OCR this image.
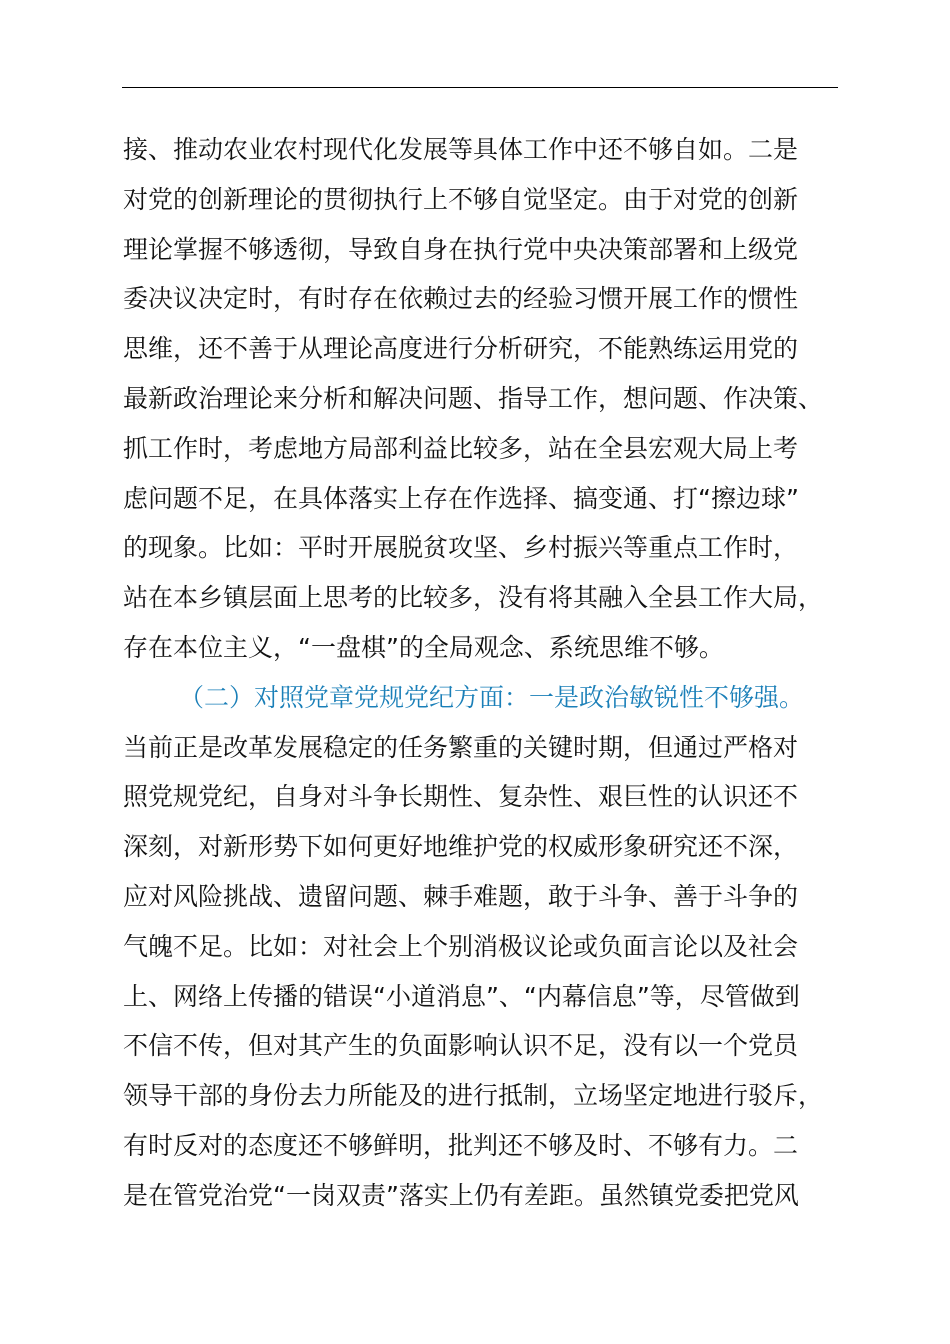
接、推动农业农村现代化发展等具体工作中还不够自如。二是
对党的创新理论的贯彻执行上不够自觉坚定。由于对党的创新
理论掌握不够透彻，导致自身在执行党中央决策部署和上级党
委决议决定时，有时存在依赖过去的经验习惯开展工作的惯性
思维，还不善于从理论高度进行分析研究，不能熟练运用党的
最新政治理论来分析和解决问题、指导工作，想问题、作决策、
抓工作时，考虑地方局部利益比较多，站在全县宏观大局上考
虑问题不足，在具体落实上存在作选择、搞变通、打“擦边球”
的现象。比如：平时开展脱贫攻坚、乡村振兴等重点工作时，
站在本乡镇层面上思考的比较多，没有将其融入全县工作大局，
存在本位主义，“一盘棋”的全局观念、系统思维不够。
（二）对照党章党规党纪方面：一是政治敏锐性不够强。
当前正是改革发展稳定的任务繁重的关键时期，但通过严格对
照党规党纪，自身对斗争长期性、复杂性、艰巨性的认识还不
深刻，对新形势下如何更好地维护党的权威形象研究还不深，
应对风险挑战、遗留问题、棘手难题，敢于斗争、善于斗争的
气魄不足。比如：对社会上个别消极议论或负面言论以及社会
上、网络上传播的错误“小道消息”、“内幕信息”等，尽管做到
不信不传，但对其产生的负面影响认识不足，没有以一个党员
领导干部的身份去力所能及的进行抵制，立场坚定地进行驳斥，
有时反对的态度还不够鲜明，批判还不够及时、不够有力。二
是在管党治党“一岗双责”落实上仍有差距。虽然镇党委把党风
